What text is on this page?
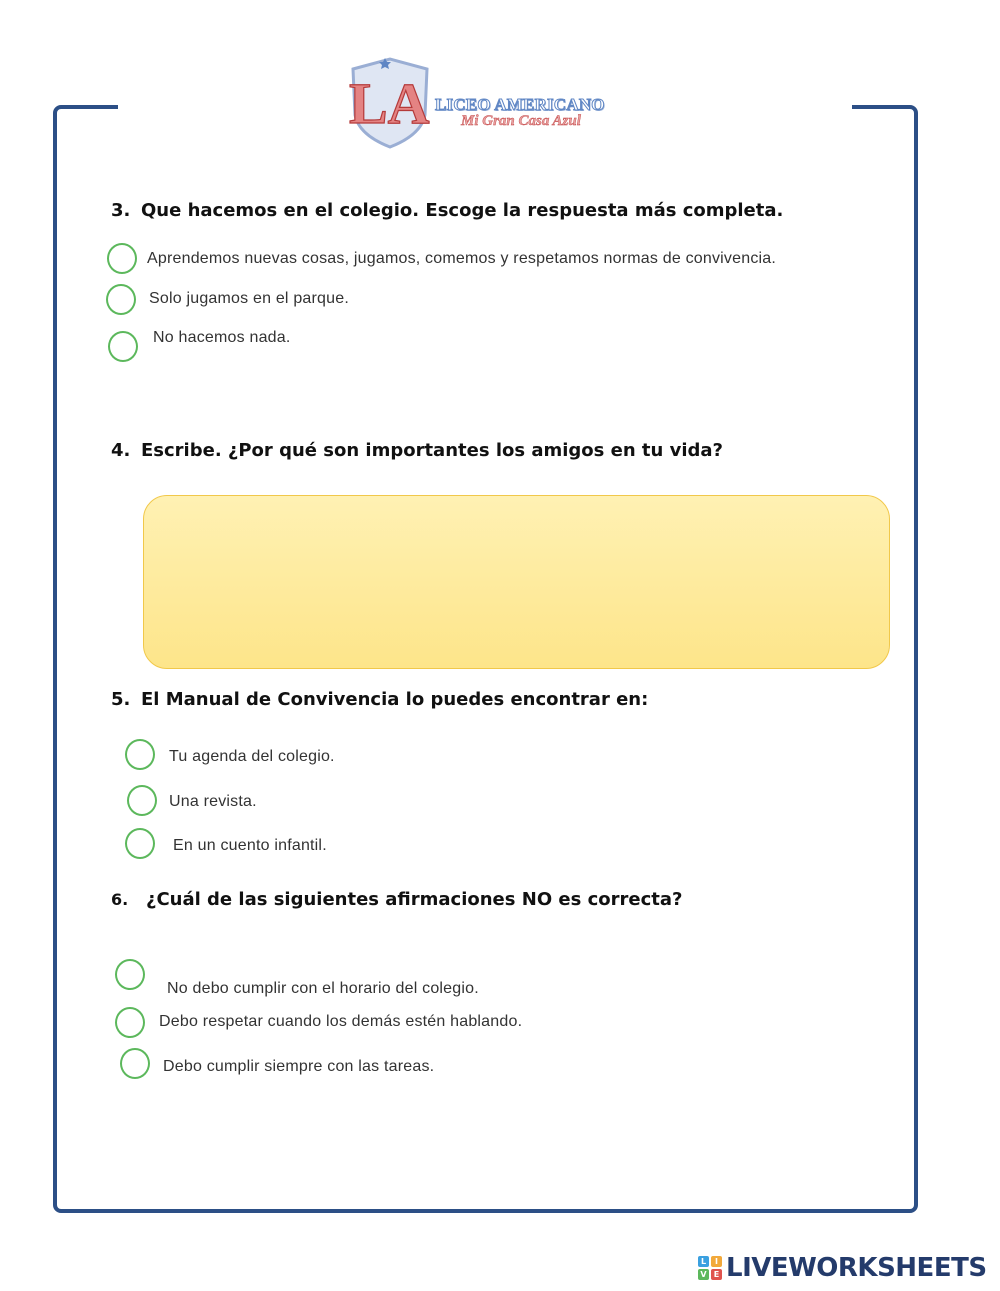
LA LICEO AMERICANO
Mi Gran Casa Azul
3. Que hacemos en el colegio. Escoge la respuesta más completa.
Aprendemos nuevas cosas, jugamos, comemos y respetamos normas de convivencia.
Solo jugamos en el parque.
No hacemos nada.
4. Escribe. ¿Por qué son importantes los amigos en tu vida?
5. El Manual de Convivencia lo puedes encontrar en:
Tu agenda del colegio.
Una revista.
En un cuento infantil.
6. ¿Cuál de las siguientes afirmaciones NO es correcta?
No debo cumplir con el horario del colegio.
Debo respetar cuando los demás estén hablando.
Debo cumplir siempre con las tareas.
L	I
V E LIVEWORKSHEETS
